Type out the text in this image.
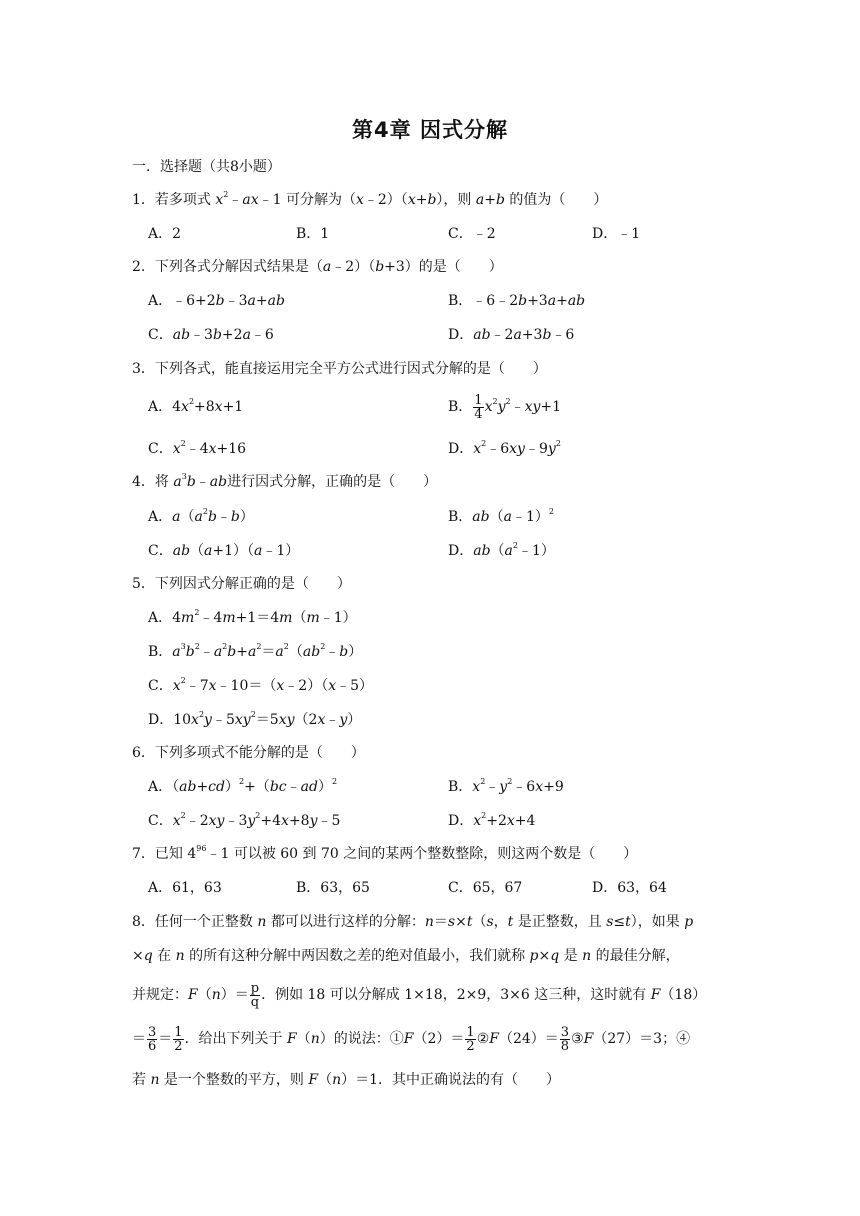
第4章 因式分解
一．选择题（共8小题）
1．若多项式 $x^2﹣ax﹣1$ 可分解为（x﹣2）（x+b），则 a+b 的值为（　　）
A．2	B．1	C．﹣2	D．﹣1
2．下列各式分解因式结果是（a﹣2）（b+3）的是（　　）
A．﹣6+2b﹣3a+ab	B．﹣6﹣2b+3a+ab
C．ab﹣3b+2a﹣6	D．ab﹣2a+3b﹣6
3．下列各式，能直接运用完全平方公式进行因式分解的是（　　）
A．$4x^2+8x+1$	B． $\frac{1}{4}$ $x^2y^2﹣xy+1$
C．$x^2﹣4x+16$	D．$x^2﹣6xy﹣9y^2$
4．将 $a^3b﹣ab$进行因式分解，正确的是（　　）
A．$a(a^2b﹣b)$	B．ab（a﹣1）$^2$
C．ab（a+1）（a﹣1）	D．$ab(a^2﹣1)$
5．下列因式分解正确的是（　　）
A．$4m^2﹣4m+1=4m(m﹣1)$
B．$a^3b^2﹣a^2b+a^2=a^2(ab^2﹣b)$
C．$x^2﹣7x﹣10=(x﹣2)(x﹣5)$
D．$10x^2y﹣5xy^2=5xy(2x﹣y)$
6．下列多项式不能分解的是（　　）
A．$(ab+cd)^2+(bc﹣ad)^2$	B．$x^2﹣y^2﹣6x+9$
C．$x^2﹣2xy﹣3y^2+4x+8y﹣5$	D．$x^2+2x+4$
7．已知 $4^{96}﹣1$ 可以被 60 到 70 之间的某两个整数整除，则这两个数是（　　）
A．61，63	B．63，65	C．65，67	D．63，64
8．任何一个正整数 n 都可以进行这样的分解：n＝s×t（s，t 是正整数，且 s≤t），如果 p
×q 在 n 的所有这种分解中两因数之差的绝对值最小，我们就称 p×q 是 n 的最佳分解，
并规定：$F(n)= \frac{p}{q}$ ．例如 18 可以分解成 1×18，2×9，3×6 这三种，这时就有 F（18）
＝ $\frac{3}{6} = \frac{1}{2}$ ．给出下列关于 F（n）的说法：①F（2）＝ $\frac{1}{2}$ ②F（24）＝ $\frac{3}{8}$ ③F（27）＝3；④
若 n 是一个整数的平方，则 F（n）＝1．其中正确说法的有（　　）
